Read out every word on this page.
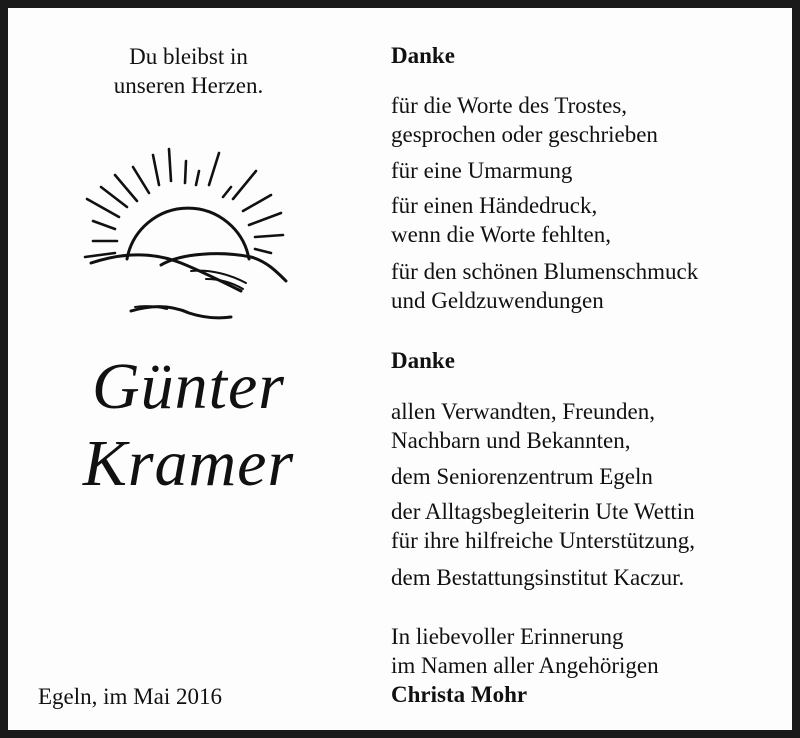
Du bleibst in
unseren Herzen.
Günter
Kramer
Egeln, im Mai 2016
Danke
für die Worte des Trostes,
gesprochen oder geschrieben
für eine Umarmung
für einen Händedruck,
wenn die Worte fehlten,
für den schönen Blumenschmuck
und Geldzuwendungen
Danke
allen Verwandten, Freunden,
Nachbarn und Bekannten,
dem Seniorenzentrum Egeln
der Alltagsbegleiterin Ute Wettin
für ihre hilfreiche Unterstützung,
dem Bestattungsinstitut Kaczur.
In liebevoller Erinnerung
im Namen aller Angehörigen
Christa Mohr
